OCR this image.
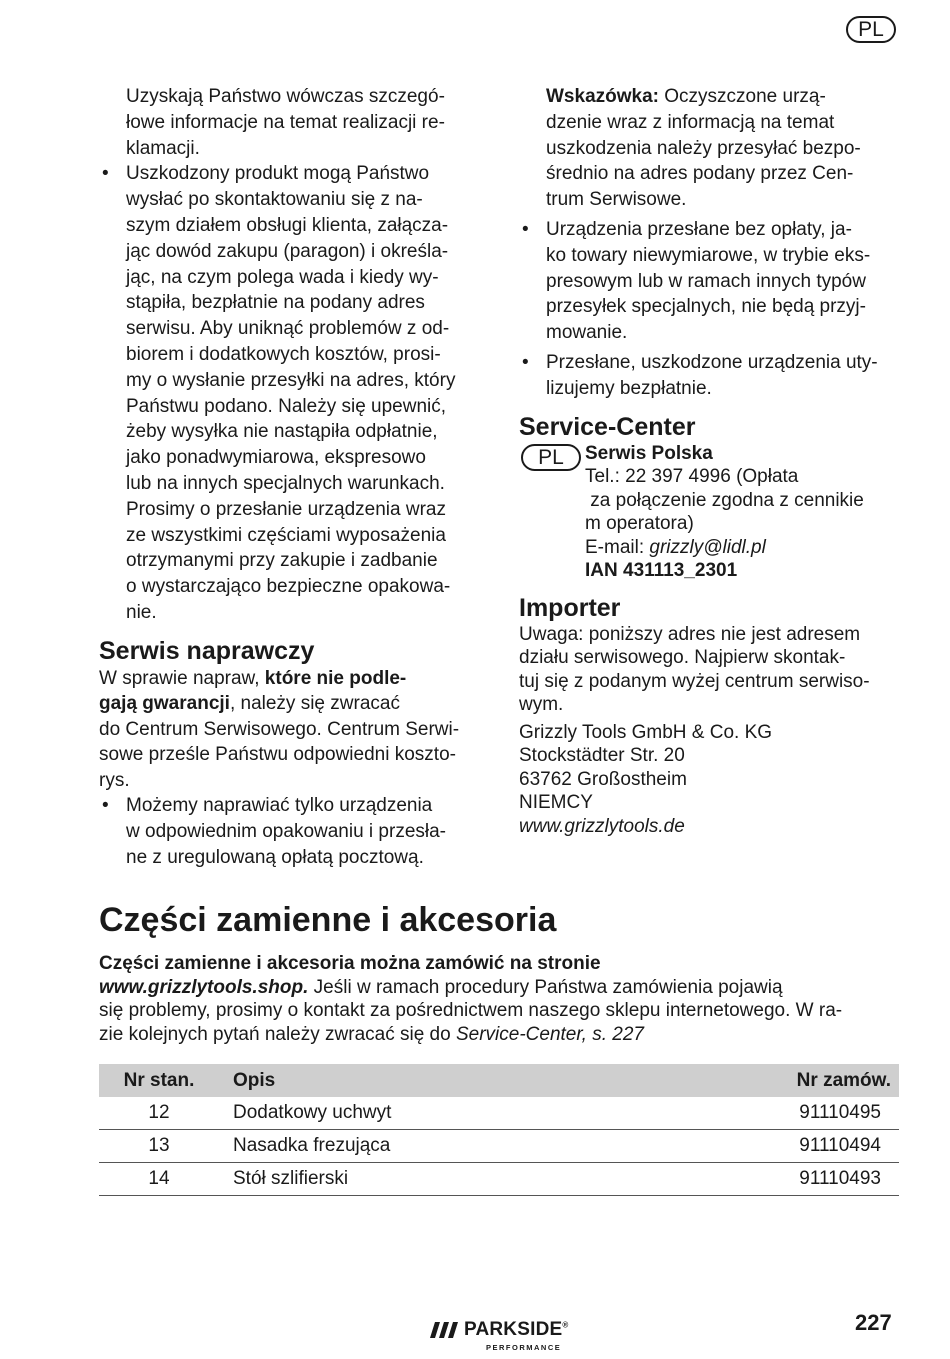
PL

Uzyskają Państwo wówczas szczegó-

łowe informacje na temat realizacji re-

klamacji.

• Uszkodzony produkt mogą Państwo

wysłać po skontaktowaniu się z na-

szym działem obsługi klienta, załącza-

jąc dowód zakupu (paragon) i określa-

jąc, na czym polega wada i kiedy wy-

stąpiła, bezpłatnie na podany adres

serwisu. Aby uniknąć problemów z od-

biorem i dodatkowych kosztów, prosi-

my o wysłanie przesyłki na adres, który

Państwu podano. Należy się upewnić,

żeby wysyłka nie nastąpiła odpłatnie,

jako ponadwymiarowa, ekspresowo

lub na innych specjalnych warunkach.

Prosimy o przesłanie urządzenia wraz

ze wszystkimi częściami wyposażenia

otrzymanymi przy zakupie i zadbanie

o wystarczająco bezpieczne opakowa-

nie.

Serwis naprawczy

W sprawie napraw, które nie podle-

gają gwarancji, należy się zwracać

do Centrum Serwisowego. Centrum Serwi-

sowe prześle Państwu odpowiedni koszto-

rys.

• Możemy naprawiać tylko urządzenia

w odpowiednim opakowaniu i przesła-

ne z uregulowaną opłatą pocztową.

Wskazówka: Oczyszczone urzą-

dzenie wraz z informacją na temat

uszkodzenia należy przesyłać bezpo-

średnio na adres podany przez Cen-

trum Serwisowe.

• Urządzenia przesłane bez opłaty, ja-

ko towary niewymiarowe, w trybie eks-

presowym lub w ramach innych typów

przesyłek specjalnych, nie będą przyj-

mowanie.

• Przesłane, uszkodzone urządzenia uty-

lizujemy bezpłatnie.

Service-Center
PL	Serwis Polska

Tel.: 22 397 4996 (Opłata

za połączenie zgodna z cennikie

m operatora)

E-mail: grizzly@lidl.pl

IAN 431113_2301

Importer

Uwaga: poniższy adres nie jest adresem

działu serwisowego. Najpierw skontak-

tuj się z podanym wyżej centrum serwiso-

wym.

Grizzly Tools GmbH & Co. KG

Stockstädter Str. 20

63762 Großostheim

NIEMCY

www.grizzlytools.de

Części zamienne i akcesoria
Części zamienne i akcesoria można zamówić na stronie
www.grizzlytools.shop. Jeśli w ramach procedury Państwa zamówienia pojawią
się problemy, prosimy o kontakt za pośrednictwem naszego sklepu internetowego. W ra-
zie kolejnych pytań należy zwracać się do Service-Center, s. 227
Nr stan.	Opis	Nr zamów.
12	Dodatkowy uchwyt	91110495
13	Nasadka frezująca	91110494
14	Stół szlifierski	91110493
PARKSIDE®
PERFORMANCE
227
